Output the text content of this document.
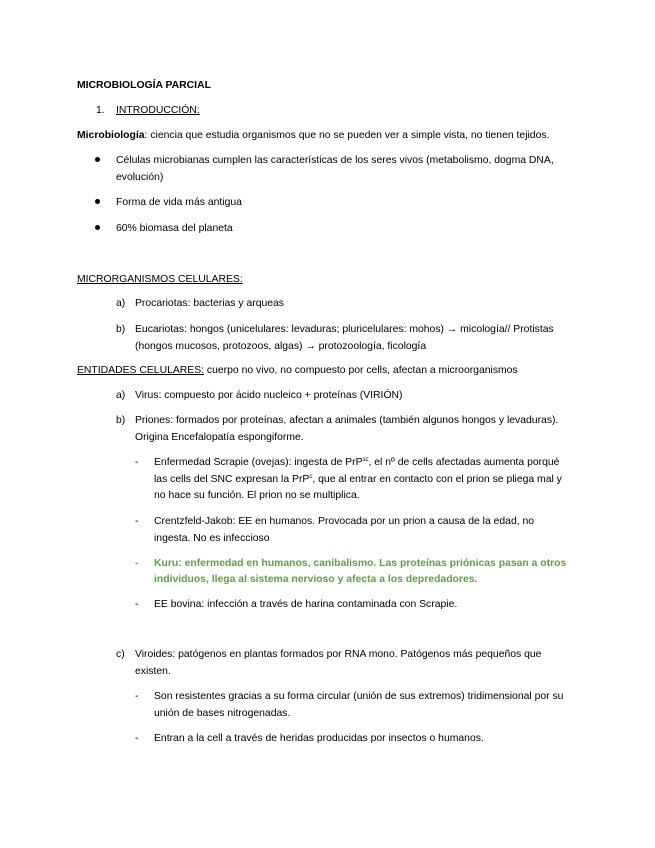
MICROBIOLOGÍA PARCIAL
1. INTRODUCCIÓN:
Microbiología: ciencia que estudia organismos que no se pueden ver a simple vista, no tienen tejidos.
Células microbianas cumplen las características de los seres vivos (metabolismo, dogma DNA,
evolución)
Forma de vida más antigua
60% biomasa del planeta
MICRORGANISMOS CELULARES:
a) Procariotas: bacterias y arqueas
b) Eucariotas: hongos (unicelulares: levaduras; pluricelulares: mohos) → micología// Protistas
(hongos mucosos, protozoos, algas) → protozoología, ficología
ENTIDADES CELULARES: cuerpo no vivo, no compuesto por cells, afectan a microorganismos
a) Virus: compuesto por ácido nucleico + proteínas (VIRIÓN)
b) Priones: formados por proteínas, afectan a animales (también algunos hongos y levaduras).
Origina Encefalopatía espongiforme.
- Enfermedad Scrapie (ovejas): ingesta de PrP$^{sc}$, el nº de cells afectadas aumenta porqué
las cells del SNC expresan la PrP$^c$, que al entrar en contacto con el prion se pliega mal y
no hace su función. El prion no se multiplica.
- Crentzfeld-Jakob: EE en humanos. Provocada por un prion a causa de la edad, no
ingesta. No es infeccioso
- Kuru: enfermedad en humanos, canibalismo. Las proteínas priónicas pasan a otros
individuos, llega al sistema nervioso y afecta a los depredadores.
- EE bovina: infección a través de harina contaminada con Scrapie.
c) Viroides: patógenos en plantas formados por RNA mono. Patógenos más pequeños que
existen.
- Son resistentes gracias a su forma circular (unión de sus extremos) tridimensional por su
unión de bases nitrogenadas.
- Entran a la cell a través de heridas producidas por insectos o humanos.
